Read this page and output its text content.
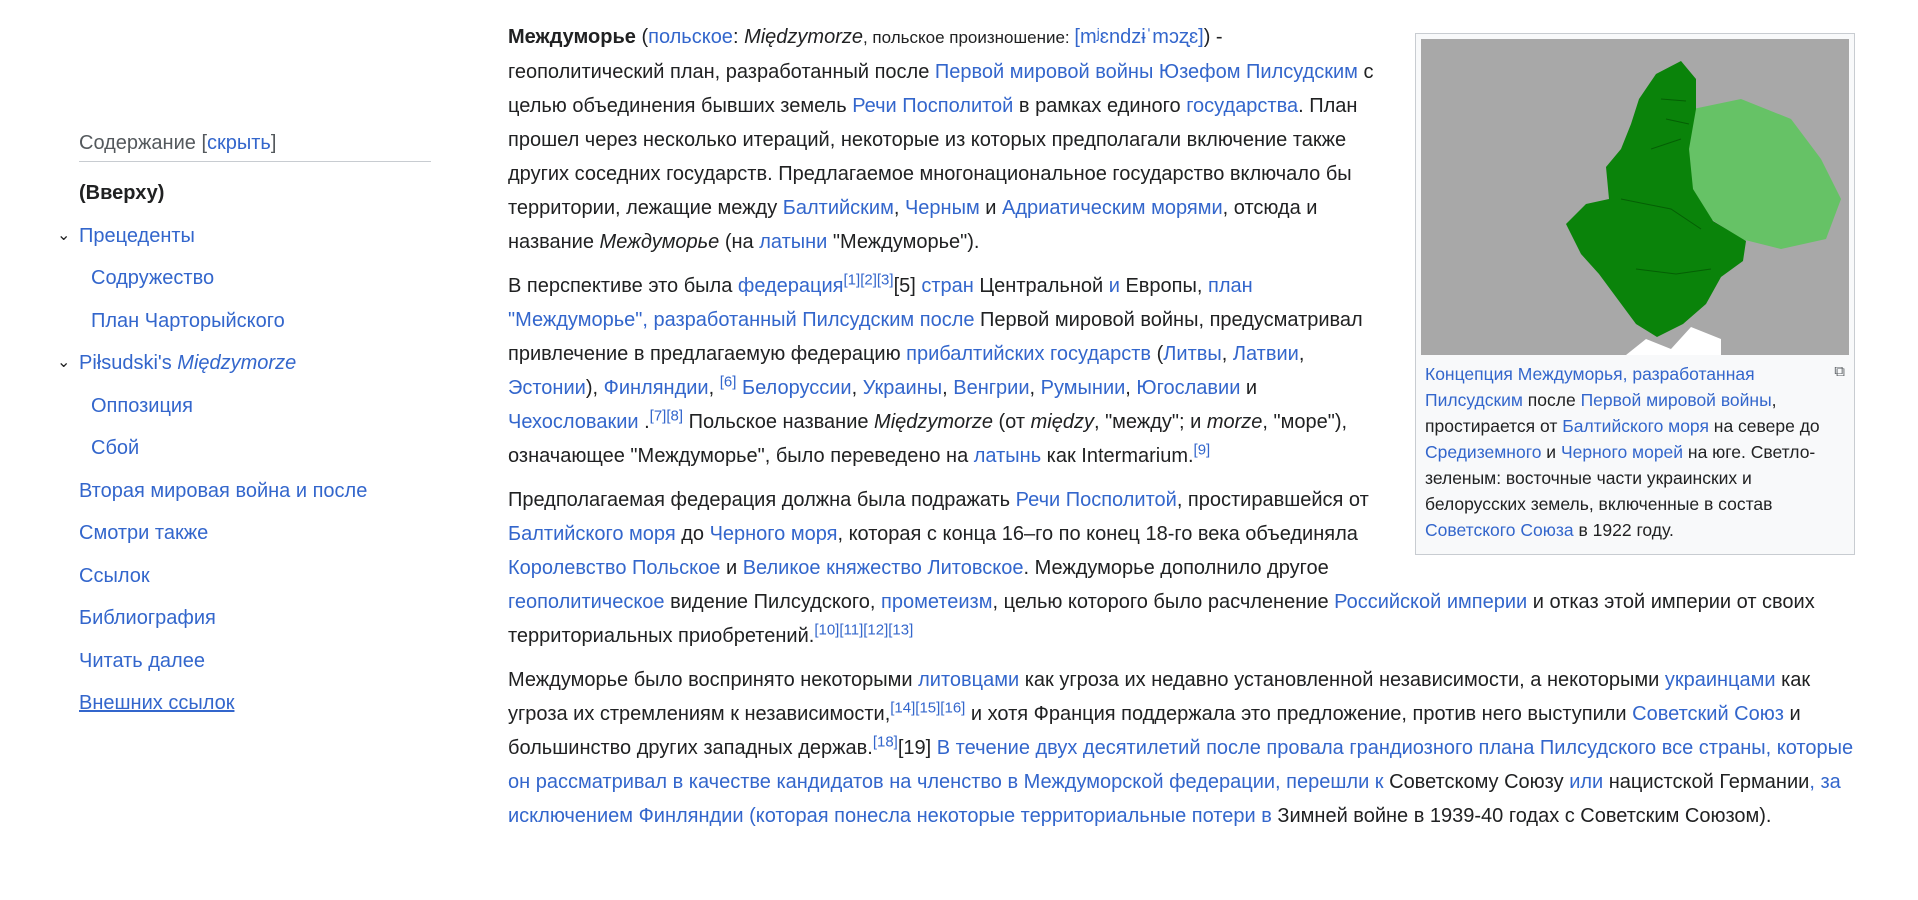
Содержание [скрыть]
(Вверху)
⌄ Прецеденты
Содружество
План Чарторыйского
⌄ Piłsudski's Międzymorze
Оппозиция
Сбой
Вторая мировая война и после
Смотри также
Ссылок
Библиография
Читать далее
Внешних ссылок
⧉
Концепция Междуморья, разработанная Пилсудским после Первой мировой войны, простирается от Балтийского моря на севере до Средиземного и Черного морей на юге. Светло-зеленым: восточные части украинских и белорусских земель, включенные в состав Советского Союза в 1922 году.

Междуморье (польское: Międzymorze, польское произношение: [mʲɛndzɨˈmɔʐɛ]) - геополитический план, разработанный после Первой мировой войны Юзефом Пилсудским с целью объединения бывших земель Речи Посполитой в рамках единого государства. План прошел через несколько итераций, некоторые из которых предполагали включение также других соседних государств. Предлагаемое многонациональное государство включало бы территории, лежащие между Балтийским, Черным и Адриатическим морями, отсюда и название Междуморье (на латыни "Междуморье").

В перспективе это была федерация[1][2][3][5] стран Центральной и Европы, план "Междуморье", разработанный Пилсудским после Первой мировой войны, предусматривал привлечение в предлагаемую федерацию прибалтийских государств (Литвы, Латвии, Эстонии), Финляндии, [6] Белоруссии, Украины, Венгрии, Румынии, Югославии и Чехословакии .[7][8] Польское название Międzymorze (от między, "между"; и morze, "море"), означающее "Междуморье", было переведено на латынь как Intermarium.[9]

Предполагаемая федерация должна была подражать Речи Посполитой, простиравшейся от Балтийского моря до Черного моря, которая с конца 16–го по конец 18-го века объединяла Королевство Польское и Великое княжество Литовское. Междуморье дополнило другое геополитическое видение Пилсудского, прометеизм, целью которого было расчленение Российской империи и отказ этой империи от своих территориальных приобретений.[10][11][12][13]

Междуморье было воспринято некоторыми литовцами как угроза их недавно установленной независимости, а некоторыми украинцами как угроза их стремлениям к независимости,[14][15][16] и хотя Франция поддержала это предложение, против него выступили Советский Союз и большинство других западных держав.[18][19] В течение двух десятилетий после провала грандиозного плана Пилсудского все страны, которые он рассматривал в качестве кандидатов на членство в Междуморской федерации, перешли к Советскому Союзу или нацистской Германии, за исключением Финляндии (которая понесла некоторые территориальные потери в Зимней войне в 1939-40 годах с Советским Союзом).
